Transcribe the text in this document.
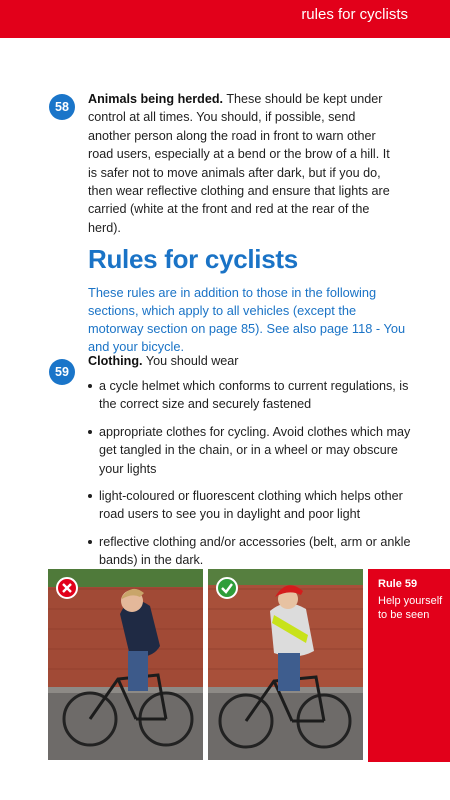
rules for cyclists
58
Animals being herded. These should be kept under control at all times. You should, if possible, send another person along the road in front to warn other road users, especially at a bend or the brow of a hill. It is safer not to move animals after dark, but if you do, then wear reflective clothing and ensure that lights are carried (white at the front and red at the rear of the herd).
Rules for cyclists
These rules are in addition to those in the following sections, which apply to all vehicles (except the motorway section on page 85). See also page 118 - You and your bicycle.
59
Clothing. You should wear
a cycle helmet which conforms to current regulations, is the correct size and securely fastened
appropriate clothes for cycling. Avoid clothes which may get tangled in the chain, or in a wheel or may obscure your lights
light-coloured or fluorescent clothing which helps other road users to see you in daylight and poor light
reflective clothing and/or accessories (belt, arm or ankle bands) in the dark.
Rule 59
Help yourself to be seen
